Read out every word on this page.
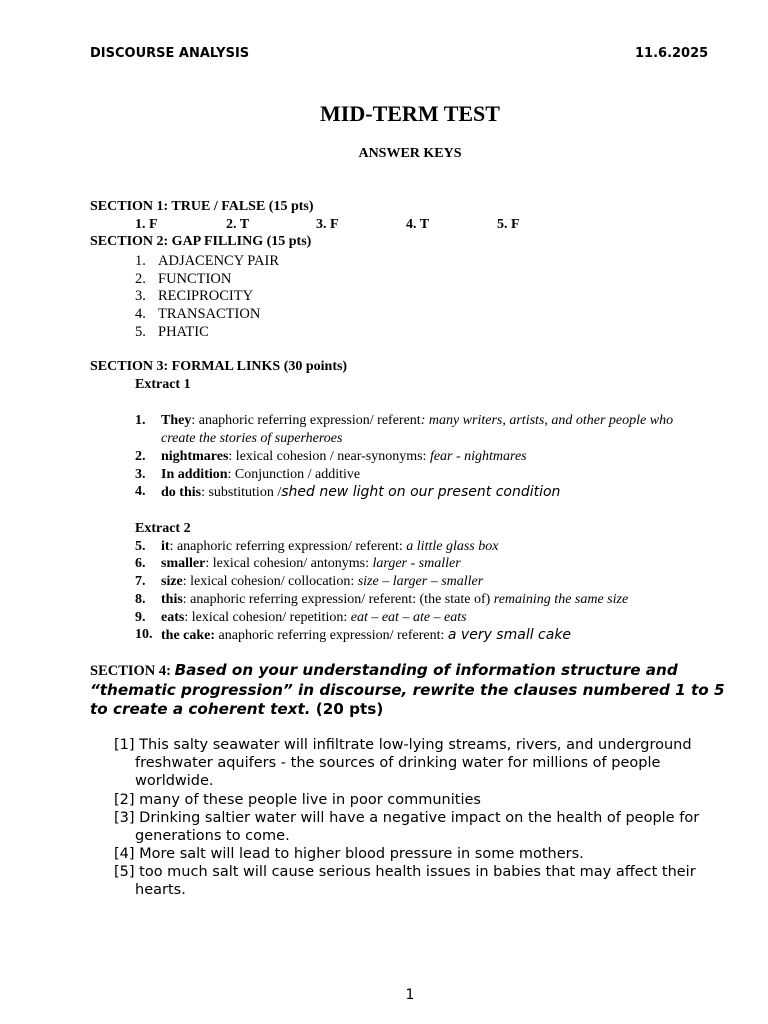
DISCOURSE ANALYSIS	11.6.2025
MID-TERM TEST
ANSWER KEYS
SECTION 1: TRUE / FALSE (15 pts)
1. F	2. T	3. F	4. T	5. F
SECTION 2: GAP FILLING (15 pts)
1. ADJACENCY PAIR
2. FUNCTION
3. RECIPROCITY
4. TRANSACTION
5. PHATIC
SECTION 3: FORMAL LINKS (30 points)
Extract 1
1. They: anaphoric referring expression/ referent: many writers, artists, and other people who
create the stories of superheroes
2. nightmares: lexical cohesion / near-synonyms: fear - nightmares
3. In addition: Conjunction / additive
4. do this: substitution /shed new light on our present condition
Extract 2
5. it: anaphoric referring expression/ referent: a little glass box
6. smaller: lexical cohesion/ antonyms: larger - smaller
7. size: lexical cohesion/ collocation: size – larger – smaller
8. this: anaphoric referring expression/ referent: (the state of) remaining the same size
9. eats: lexical cohesion/ repetition: eat – eat – ate – eats
10. the cake: anaphoric referring expression/ referent: a very small cake
SECTION 4: Based on your understanding of information structure and “thematic progression” in discourse, rewrite the clauses numbered 1 to 5 to create a coherent text. (20 pts)
[1] This salty seawater will infiltrate low-lying streams, rivers, and underground
freshwater aquifers - the sources of drinking water for millions of people
worldwide.
[2] many of these people live in poor communities
[3] Drinking saltier water will have a negative impact on the health of people for
generations to come.
[4] More salt will lead to higher blood pressure in some mothers.
[5] too much salt will cause serious health issues in babies that may affect their
hearts.
1
